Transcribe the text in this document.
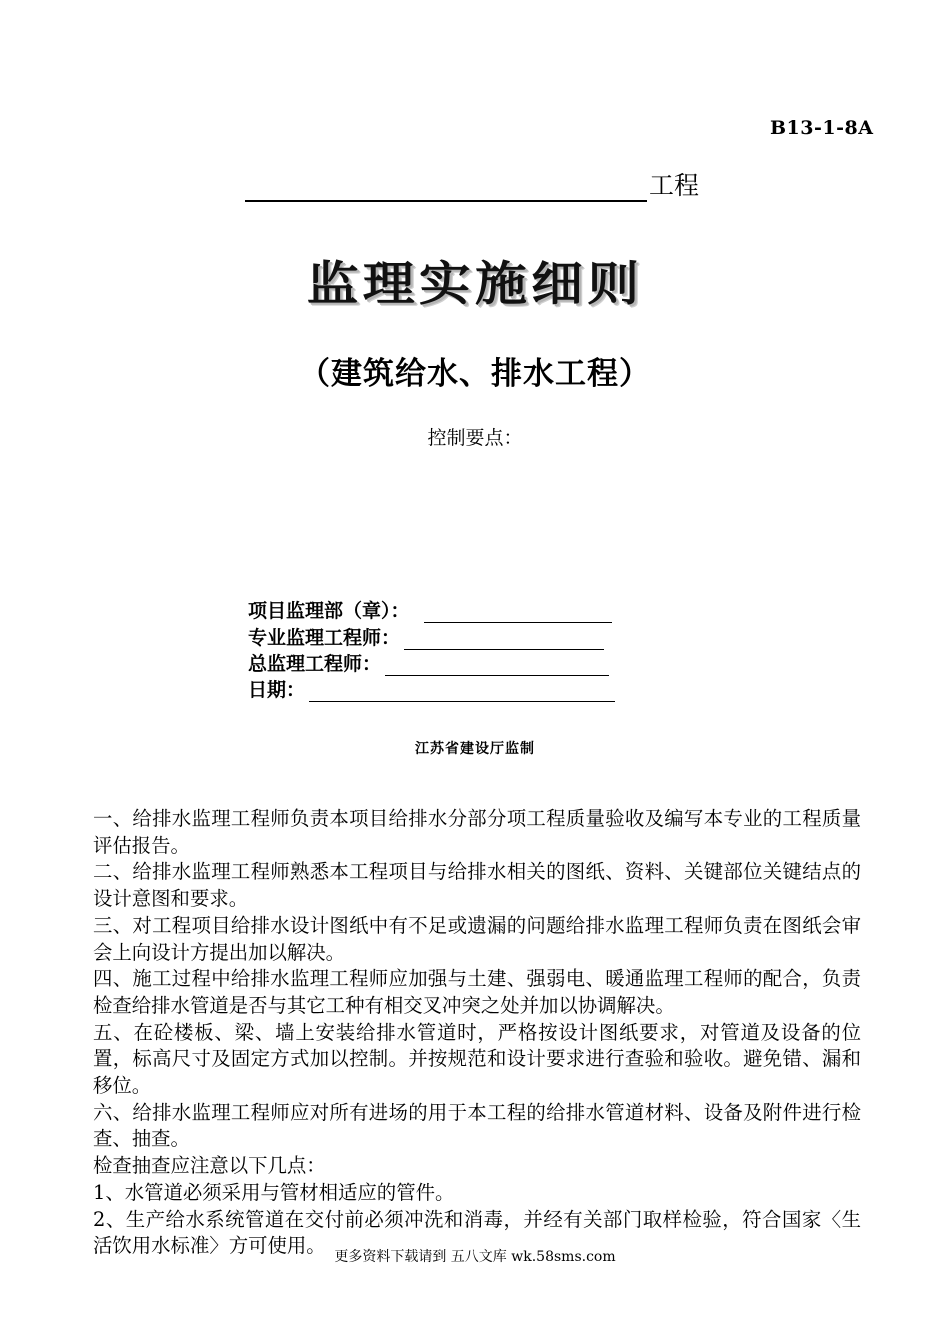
B13-1-8A
工程
监理实施细则
（建筑给水、排水工程）
控制要点：
项目监理部（章）：
专业监理工程师：
总监理工程师：
日期：
江苏省建设厅监制

一、给排水监理工程师负责本项目给排水分部分项工程质量验收及编写本专业的工程质量评估报告。

二、给排水监理工程师熟悉本工程项目与给排水相关的图纸、资料、关键部位关键结点的设计意图和要求。

三、对工程项目给排水设计图纸中有不足或遗漏的问题给排水监理工程师负责在图纸会审会上向设计方提出加以解决。

四、施工过程中给排水监理工程师应加强与土建、强弱电、暖通监理工程师的配合，负责检查给排水管道是否与其它工种有相交叉冲突之处并加以协调解决。

五、在砼楼板、梁、墙上安装给排水管道时，严格按设计图纸要求，对管道及设备的位置，标高尺寸及固定方式加以控制。并按规范和设计要求进行查验和验收。避免错、漏和移位。

六、给排水监理工程师应对所有进场的用于本工程的给排水管道材料、设备及附件进行检查、抽查。

检查抽查应注意以下几点：

1、水管道必须采用与管材相适应的管件。

2、生产给水系统管道在交付前必须冲洗和消毒，并经有关部门取样检验，符合国家〈生活饮用水标准〉方可使用。 更多资料下载请到 五八文库 wk.58sms.com
